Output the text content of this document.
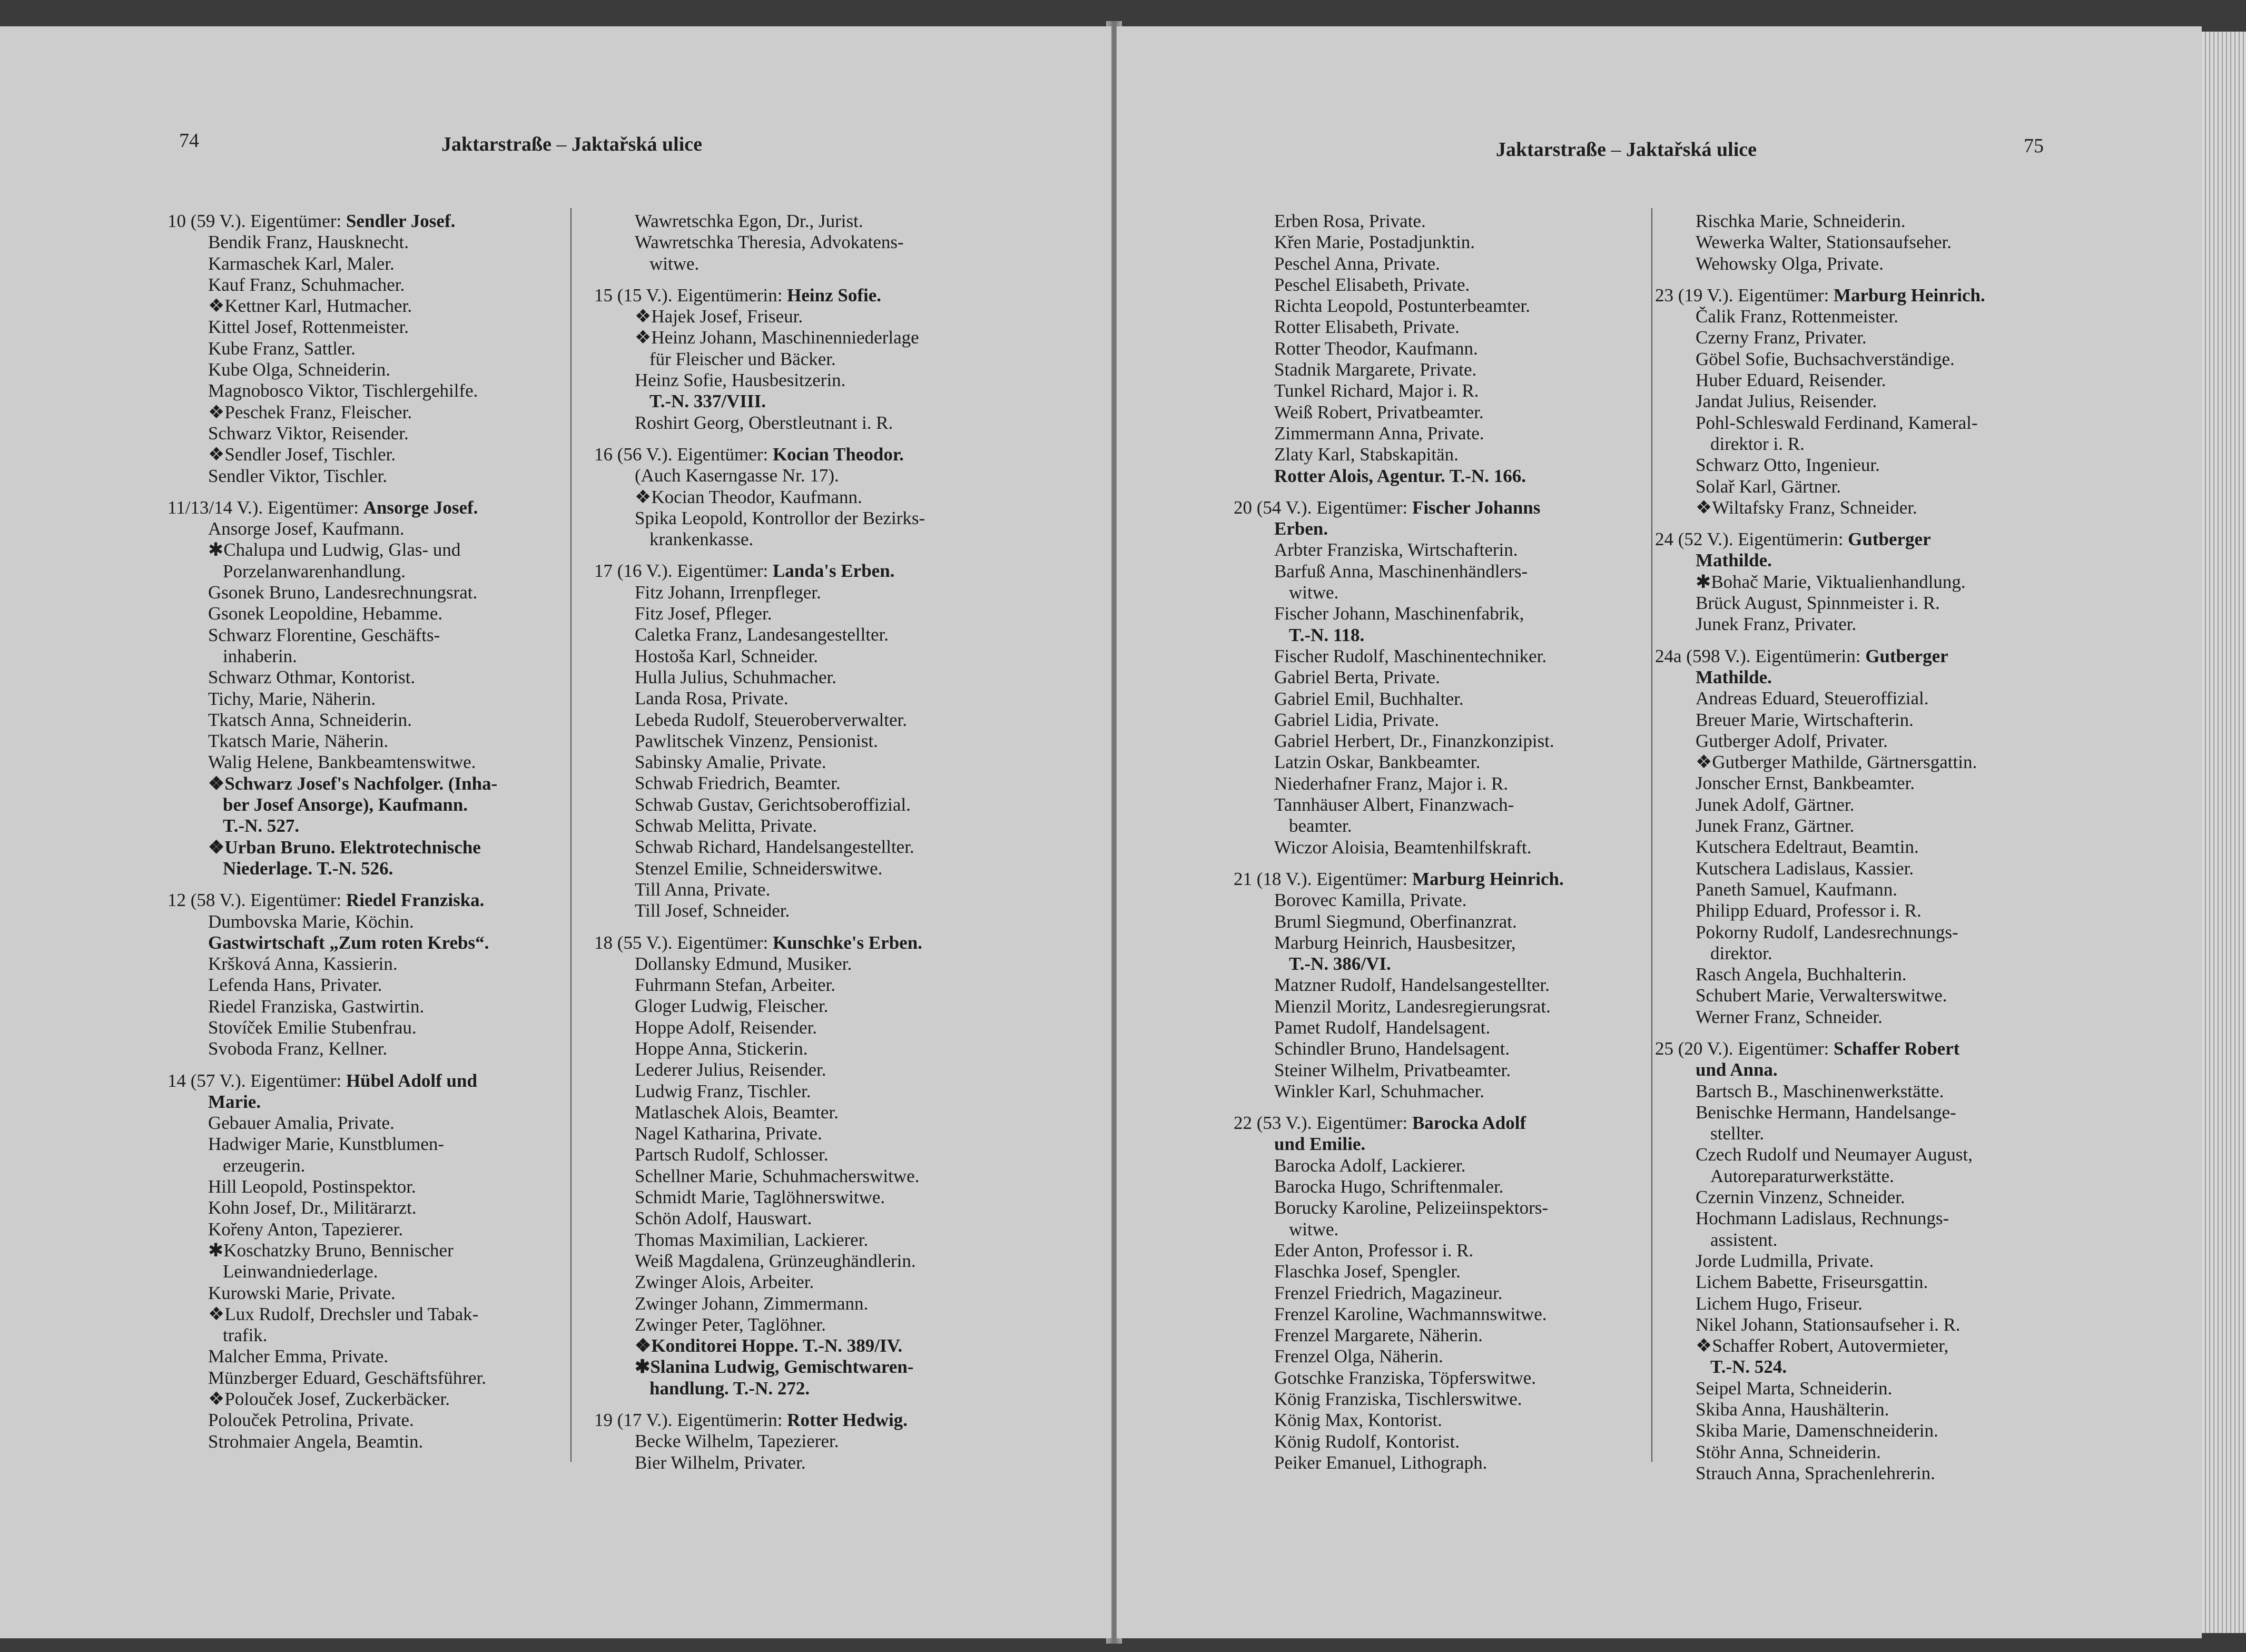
74	Jaktarstraße – Jaktařská ulice
10 (59 V.). Eigentümer: Sendler Josef.
Bendik Franz, Hausknecht.
Karmaschek Karl, Maler.
Kauf Franz, Schuhmacher.
❖Kettner Karl, Hutmacher.
Kittel Josef, Rottenmeister.
Kube Franz, Sattler.
Kube Olga, Schneiderin.
Magnobosco Viktor, Tischlergehilfe.
❖Peschek Franz, Fleischer.
Schwarz Viktor, Reisender.
❖Sendler Josef, Tischler.
Sendler Viktor, Tischler.
11/13/14 V.). Eigentümer: Ansorge Josef.
Ansorge Josef, Kaufmann.
✱Chalupa und Ludwig, Glas- und
Porzelanwarenhandlung.
Gsonek Bruno, Landesrechnungsrat.
Gsonek Leopoldine, Hebamme.
Schwarz Florentine, Geschäfts-
inhaberin.
Schwarz Othmar, Kontorist.
Tichy, Marie, Näherin.
Tkatsch Anna, Schneiderin.
Tkatsch Marie, Näherin.
Walig Helene, Bankbeamtenswitwe.
❖Schwarz Josef's Nachfolger. (Inha-
ber Josef Ansorge), Kaufmann.
T.-N. 527.
❖Urban Bruno. Elektrotechnische
Niederlage. T.-N. 526.
12 (58 V.). Eigentümer: Riedel Franziska.
Dumbovska Marie, Köchin.
Gastwirtschaft „Zum roten Krebs“.
Kršková Anna, Kassierin.
Lefenda Hans, Privater.
Riedel Franziska, Gastwirtin.
Stovíček Emilie Stubenfrau.
Svoboda Franz, Kellner.
14 (57 V.). Eigentümer: Hübel Adolf und
Marie.
Gebauer Amalia, Private.
Hadwiger Marie, Kunstblumen-
erzeugerin.
Hill Leopold, Postinspektor.
Kohn Josef, Dr., Militärarzt.
Kořeny Anton, Tapezierer.
✱Koschatzky Bruno, Bennischer
Leinwandniederlage.
Kurowski Marie, Private.
❖Lux Rudolf, Drechsler und Tabak-
trafik.
Malcher Emma, Private.
Münzberger Eduard, Geschäftsführer.
❖Polouček Josef, Zuckerbäcker.
Polouček Petrolina, Private.
Strohmaier Angela, Beamtin.
Wawretschka Egon, Dr., Jurist.
Wawretschka Theresia, Advokatens-
witwe.
15 (15 V.). Eigentümerin: Heinz Sofie.
❖Hajek Josef, Friseur.
❖Heinz Johann, Maschinenniederlage
für Fleischer und Bäcker.
Heinz Sofie, Hausbesitzerin.
T.-N. 337/VIII.
Roshirt Georg, Oberstleutnant i. R.
16 (56 V.). Eigentümer: Kocian Theodor.
(Auch Kaserngasse Nr. 17).
❖Kocian Theodor, Kaufmann.
Spika Leopold, Kontrollor der Bezirks-
krankenkasse.
17 (16 V.). Eigentümer: Landa's Erben.
Fitz Johann, Irrenpfleger.
Fitz Josef, Pfleger.
Caletka Franz, Landesangestellter.
Hostoša Karl, Schneider.
Hulla Julius, Schuhmacher.
Landa Rosa, Private.
Lebeda Rudolf, Steueroberverwalter.
Pawlitschek Vinzenz, Pensionist.
Sabinsky Amalie, Private.
Schwab Friedrich, Beamter.
Schwab Gustav, Gerichtsoberoffizial.
Schwab Melitta, Private.
Schwab Richard, Handelsangestellter.
Stenzel Emilie, Schneiderswitwe.
Till Anna, Private.
Till Josef, Schneider.
18 (55 V.). Eigentümer: Kunschke's Erben.
Dollansky Edmund, Musiker.
Fuhrmann Stefan, Arbeiter.
Gloger Ludwig, Fleischer.
Hoppe Adolf, Reisender.
Hoppe Anna, Stickerin.
Lederer Julius, Reisender.
Ludwig Franz, Tischler.
Matlaschek Alois, Beamter.
Nagel Katharina, Private.
Partsch Rudolf, Schlosser.
Schellner Marie, Schuhmacherswitwe.
Schmidt Marie, Taglöhnerswitwe.
Schön Adolf, Hauswart.
Thomas Maximilian, Lackierer.
Weiß Magdalena, Grünzeughändlerin.
Zwinger Alois, Arbeiter.
Zwinger Johann, Zimmermann.
Zwinger Peter, Taglöhner.
❖Konditorei Hoppe. T.-N. 389/IV.
✱Slanina Ludwig, Gemischtwaren-
handlung. T.-N. 272.
19 (17 V.). Eigentümerin: Rotter Hedwig.
Becke Wilhelm, Tapezierer.
Bier Wilhelm, Privater.
75
Jaktarstraße – Jaktařská ulice
Erben Rosa, Private.
Křen Marie, Postadjunktin.
Peschel Anna, Private.
Peschel Elisabeth, Private.
Richta Leopold, Postunterbeamter.
Rotter Elisabeth, Private.
Rotter Theodor, Kaufmann.
Stadnik Margarete, Private.
Tunkel Richard, Major i. R.
Weiß Robert, Privatbeamter.
Zimmermann Anna, Private.
Zlaty Karl, Stabskapitän.
Rotter Alois, Agentur. T.-N. 166.
20 (54 V.). Eigentümer: Fischer Johanns
Erben.
Arbter Franziska, Wirtschafterin.
Barfuß Anna, Maschinenhändlers-
witwe.
Fischer Johann, Maschinenfabrik,
T.-N. 118.
Fischer Rudolf, Maschinentechniker.
Gabriel Berta, Private.
Gabriel Emil, Buchhalter.
Gabriel Lidia, Private.
Gabriel Herbert, Dr., Finanzkonzipist.
Latzin Oskar, Bankbeamter.
Niederhafner Franz, Major i. R.
Tannhäuser Albert, Finanzwach-
beamter.
Wiczor Aloisia, Beamtenhilfskraft.
21 (18 V.). Eigentümer: Marburg Heinrich.
Borovec Kamilla, Private.
Bruml Siegmund, Oberfinanzrat.
Marburg Heinrich, Hausbesitzer,
T.-N. 386/VI.
Matzner Rudolf, Handelsangestellter.
Mienzil Moritz, Landesregierungsrat.
Pamet Rudolf, Handelsagent.
Schindler Bruno, Handelsagent.
Steiner Wilhelm, Privatbeamter.
Winkler Karl, Schuhmacher.
22 (53 V.). Eigentümer: Barocka Adolf
und Emilie.
Barocka Adolf, Lackierer.
Barocka Hugo, Schriftenmaler.
Borucky Karoline, Pelizeiinspektors-
witwe.
Eder Anton, Professor i. R.
Flaschka Josef, Spengler.
Frenzel Friedrich, Magazineur.
Frenzel Karoline, Wachmannswitwe.
Frenzel Margarete, Näherin.
Frenzel Olga, Näherin.
Gotschke Franziska, Töpferswitwe.
König Franziska, Tischlerswitwe.
König Max, Kontorist.
König Rudolf, Kontorist.
Peiker Emanuel, Lithograph.
Rischka Marie, Schneiderin.
Wewerka Walter, Stationsaufseher.
Wehowsky Olga, Private.
23 (19 V.). Eigentümer: Marburg Heinrich.
Čalik Franz, Rottenmeister.
Czerny Franz, Privater.
Göbel Sofie, Buchsachverständige.
Huber Eduard, Reisender.
Jandat Julius, Reisender.
Pohl-Schleswald Ferdinand, Kameral-
direktor i. R.
Schwarz Otto, Ingenieur.
Solař Karl, Gärtner.
❖Wiltafsky Franz, Schneider.
24 (52 V.). Eigentümerin: Gutberger
Mathilde.
✱Bohač Marie, Viktualienhandlung.
Brück August, Spinnmeister i. R.
Junek Franz, Privater.
24a (598 V.). Eigentümerin: Gutberger
Mathilde.
Andreas Eduard, Steueroffizial.
Breuer Marie, Wirtschafterin.
Gutberger Adolf, Privater.
❖Gutberger Mathilde, Gärtnersgattin.
Jonscher Ernst, Bankbeamter.
Junek Adolf, Gärtner.
Junek Franz, Gärtner.
Kutschera Edeltraut, Beamtin.
Kutschera Ladislaus, Kassier.
Paneth Samuel, Kaufmann.
Philipp Eduard, Professor i. R.
Pokorny Rudolf, Landesrechnungs-
direktor.
Rasch Angela, Buchhalterin.
Schubert Marie, Verwalterswitwe.
Werner Franz, Schneider.
25 (20 V.). Eigentümer: Schaffer Robert
und Anna.
Bartsch B., Maschinenwerkstätte.
Benischke Hermann, Handelsange-
stellter.
Czech Rudolf und Neumayer August,
Autoreparaturwerkstätte.
Czernin Vinzenz, Schneider.
Hochmann Ladislaus, Rechnungs-
assistent.
Jorde Ludmilla, Private.
Lichem Babette, Friseursgattin.
Lichem Hugo, Friseur.
Nikel Johann, Stationsaufseher i. R.
❖Schaffer Robert, Autovermieter,
T.-N. 524.
Seipel Marta, Schneiderin.
Skiba Anna, Haushälterin.
Skiba Marie, Damenschneiderin.
Stöhr Anna, Schneiderin.
Strauch Anna, Sprachenlehrerin.
